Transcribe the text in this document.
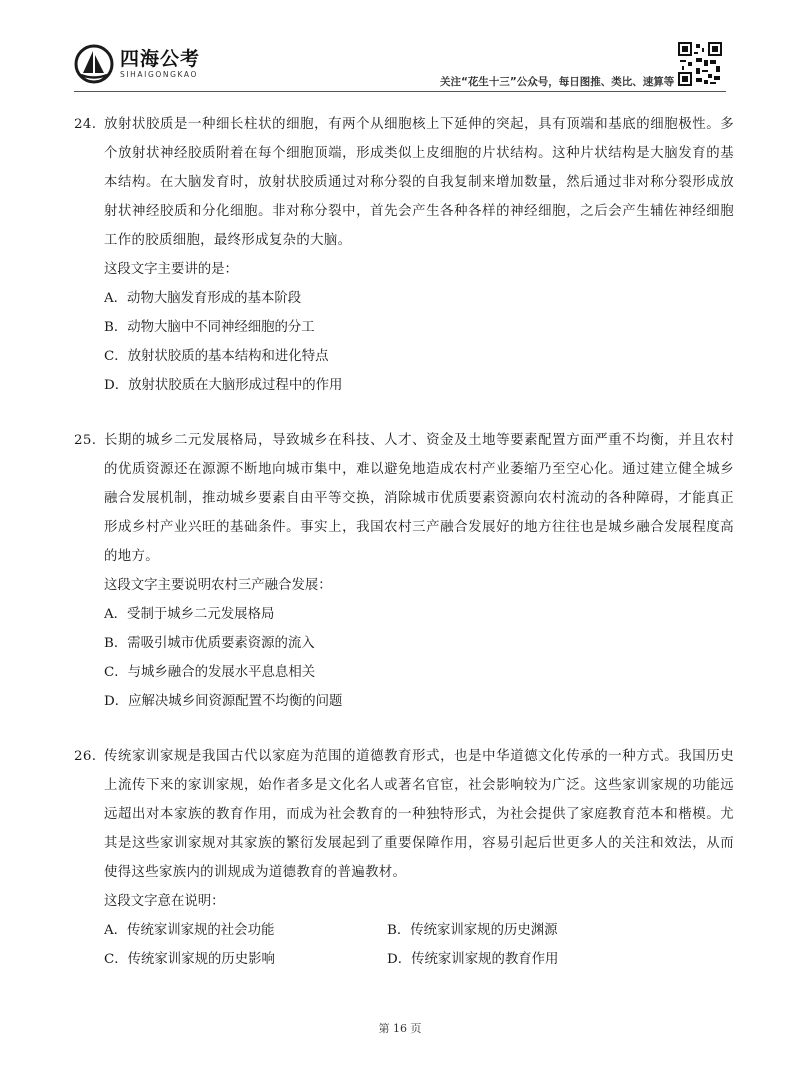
四海公考
SIHAIGONGKAO
关注“花生十三”公众号，每日图推、类比、速算等
24. 放射状胶质是一种细长柱状的细胞，有两个从细胞核上下延伸的突起，具有顶端和基底的细胞极性。多个放射状神经胶质附着在每个细胞顶端，形成类似上皮细胞的片状结构。这种片状结构是大脑发育的基本结构。在大脑发育时，放射状胶质通过对称分裂的自我复制来增加数量，然后通过非对称分裂形成放射状神经胶质和分化细胞。非对称分裂中，首先会产生各种各样的神经细胞，之后会产生辅佐神经细胞工作的胶质细胞，最终形成复杂的大脑。
这段文字主要讲的是：
A．动物大脑发育形成的基本阶段
B．动物大脑中不同神经细胞的分工
C．放射状胶质的基本结构和进化特点
D．放射状胶质在大脑形成过程中的作用
25. 长期的城乡二元发展格局，导致城乡在科技、人才、资金及土地等要素配置方面严重不均衡，并且农村的优质资源还在源源不断地向城市集中，难以避免地造成农村产业萎缩乃至空心化。通过建立健全城乡融合发展机制，推动城乡要素自由平等交换，消除城市优质要素资源向农村流动的各种障碍，才能真正形成乡村产业兴旺的基础条件。事实上，我国农村三产融合发展好的地方往往也是城乡融合发展程度高的地方。
这段文字主要说明农村三产融合发展：
A．受制于城乡二元发展格局
B．需吸引城市优质要素资源的流入
C．与城乡融合的发展水平息息相关
D．应解决城乡间资源配置不均衡的问题
26. 传统家训家规是我国古代以家庭为范围的道德教育形式，也是中华道德文化传承的一种方式。我国历史上流传下来的家训家规，始作者多是文化名人或著名官宦，社会影响较为广泛。这些家训家规的功能远远超出对本家族的教育作用，而成为社会教育的一种独特形式，为社会提供了家庭教育范本和楷模。尤其是这些家训家规对其家族的繁衍发展起到了重要保障作用，容易引起后世更多人的关注和效法，从而使得这些家族内的训规成为道德教育的普遍教材。
这段文字意在说明：
A．传统家训家规的社会功能	B．传统家训家规的历史渊源
C．传统家训家规的历史影响	D．传统家训家规的教育作用
第 16 页
